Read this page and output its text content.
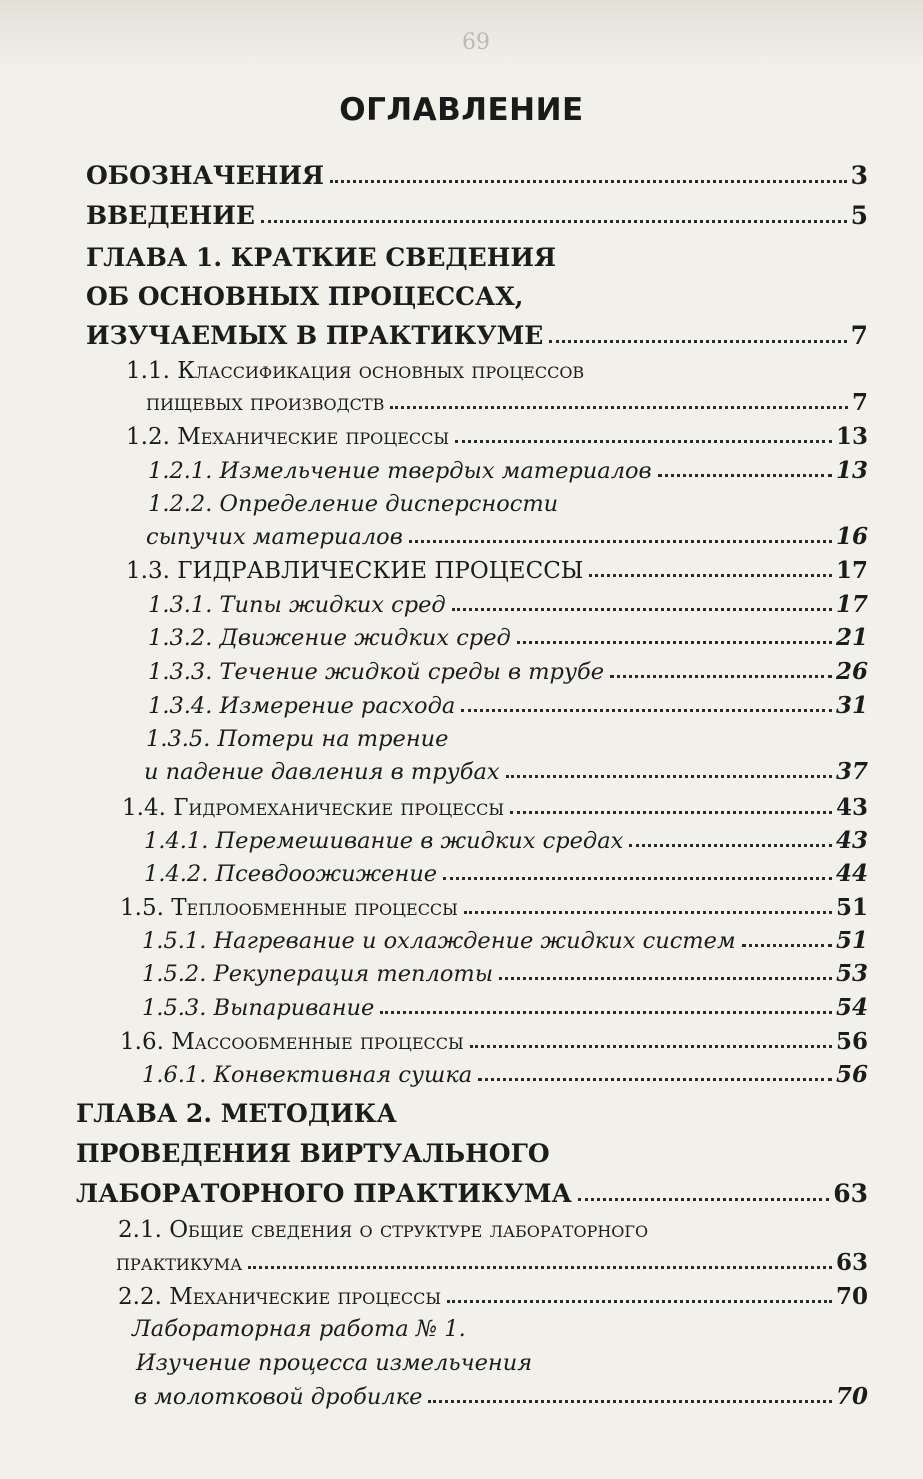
69
ОГЛАВЛЕНИЕ
ОБОЗНАЧЕНИЯ	3
ВВЕДЕНИЕ	5
ГЛАВА 1. КРАТКИЕ СВЕДЕНИЯ
ОБ ОСНОВНЫХ ПРОЦЕССАХ,
ИЗУЧАЕМЫХ В ПРАКТИКУМЕ	7
1.1. Классификация основных процессов
пищевых производств	7
1.2. Механические процессы	13
1.2.1. Измельчение твердых материалов	13
1.2.2. Определение дисперсности
сыпучих материалов	16
1.3. ГИДРАВЛИЧЕСКИЕ ПРОЦЕССЫ	17
1.3.1. Типы жидких сред	17
1.3.2. Движение жидких сред	21
1.3.3. Течение жидкой среды в трубе	26
1.3.4. Измерение расхода	31
1.3.5. Потери на трение
и падение давления в трубах	37
1.4. Гидромеханические процессы	43
1.4.1. Перемешивание в жидких средах	43
1.4.2. Псевдоожижение	44
1.5. Теплообменные процессы	51
1.5.1. Нагревание и охлаждение жидких систем	51
1.5.2. Рекуперация теплоты	53
1.5.3. Выпаривание	54
1.6. Массообменные процессы	56
1.6.1. Конвективная сушка	56
ГЛАВА 2. МЕТОДИКА
ПРОВЕДЕНИЯ ВИРТУАЛЬНОГО
ЛАБОРАТОРНОГО ПРАКТИКУМА	63
2.1. Общие сведения о структуре лабораторного
практикума	63
2.2. Механические процессы	70
Лабораторная работа № 1.
Изучение процесса измельчения
в молотковой дробилке	70
